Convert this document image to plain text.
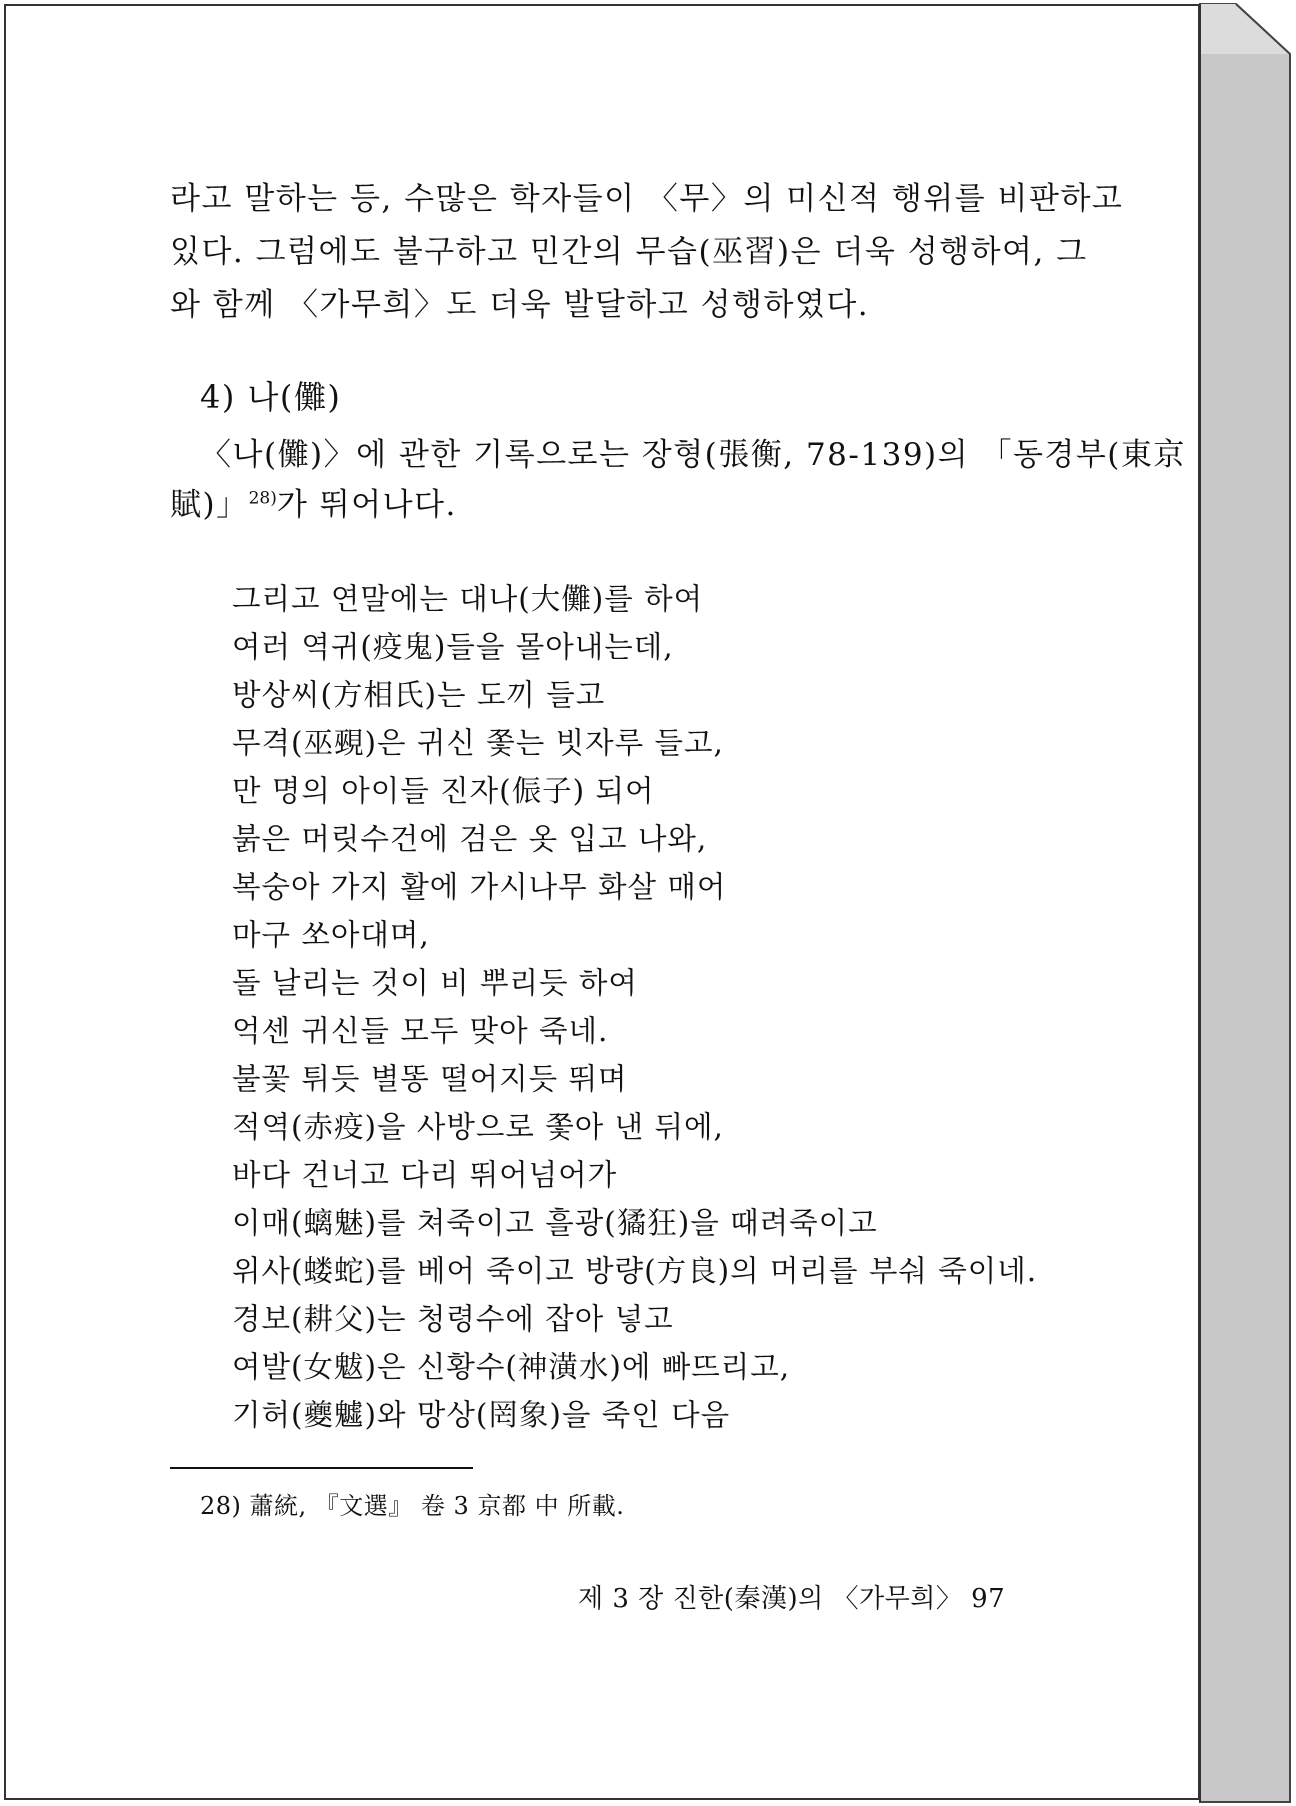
라고 말하는 등, 수많은 학자들이 〈무〉의 미신적 행위를 비판하고
있다. 그럼에도 불구하고 민간의 무습(巫習)은 더욱 성행하여, 그
와 함께 〈가무희〉도 더욱 발달하고 성행하였다.
4) 나(儺)
〈나(儺)〉에 관한 기록으로는 장형(張衡, 78-139)의 「동경부(東京
賦)」$^{28)}$가 뛰어나다.
그리고 연말에는 대나(大儺)를 하여
여러 역귀(疫鬼)들을 몰아내는데,
방상씨(方相氏)는 도끼 들고
무격(巫覡)은 귀신 쫓는 빗자루 들고,
만 명의 아이들 진자(侲子) 되어
붉은 머릿수건에 검은 옷 입고 나와,
복숭아 가지 활에 가시나무 화살 매어
마구 쏘아대며,
돌 날리는 것이 비 뿌리듯 하여
억센 귀신들 모두 맞아 죽네.
불꽃 튀듯 별똥 떨어지듯 뛰며
적역(赤疫)을 사방으로 쫓아 낸 뒤에,
바다 건너고 다리 뛰어넘어가
이매(螭魅)를 쳐죽이고 흘광(獝狂)을 때려죽이고
위사(蝼蛇)를 베어 죽이고 방량(方良)의 머리를 부숴 죽이네.
경보(耕父)는 청령수에 잡아 넣고
여발(女魃)은 신황수(神潢水)에 빠뜨리고,
기허(夔魖)와 망상(罔象)을 죽인 다음
28) 蕭統, 『文選』 卷 3 京都 中 所載.
제 3 장 진한(秦漢)의 〈가무희〉 97
